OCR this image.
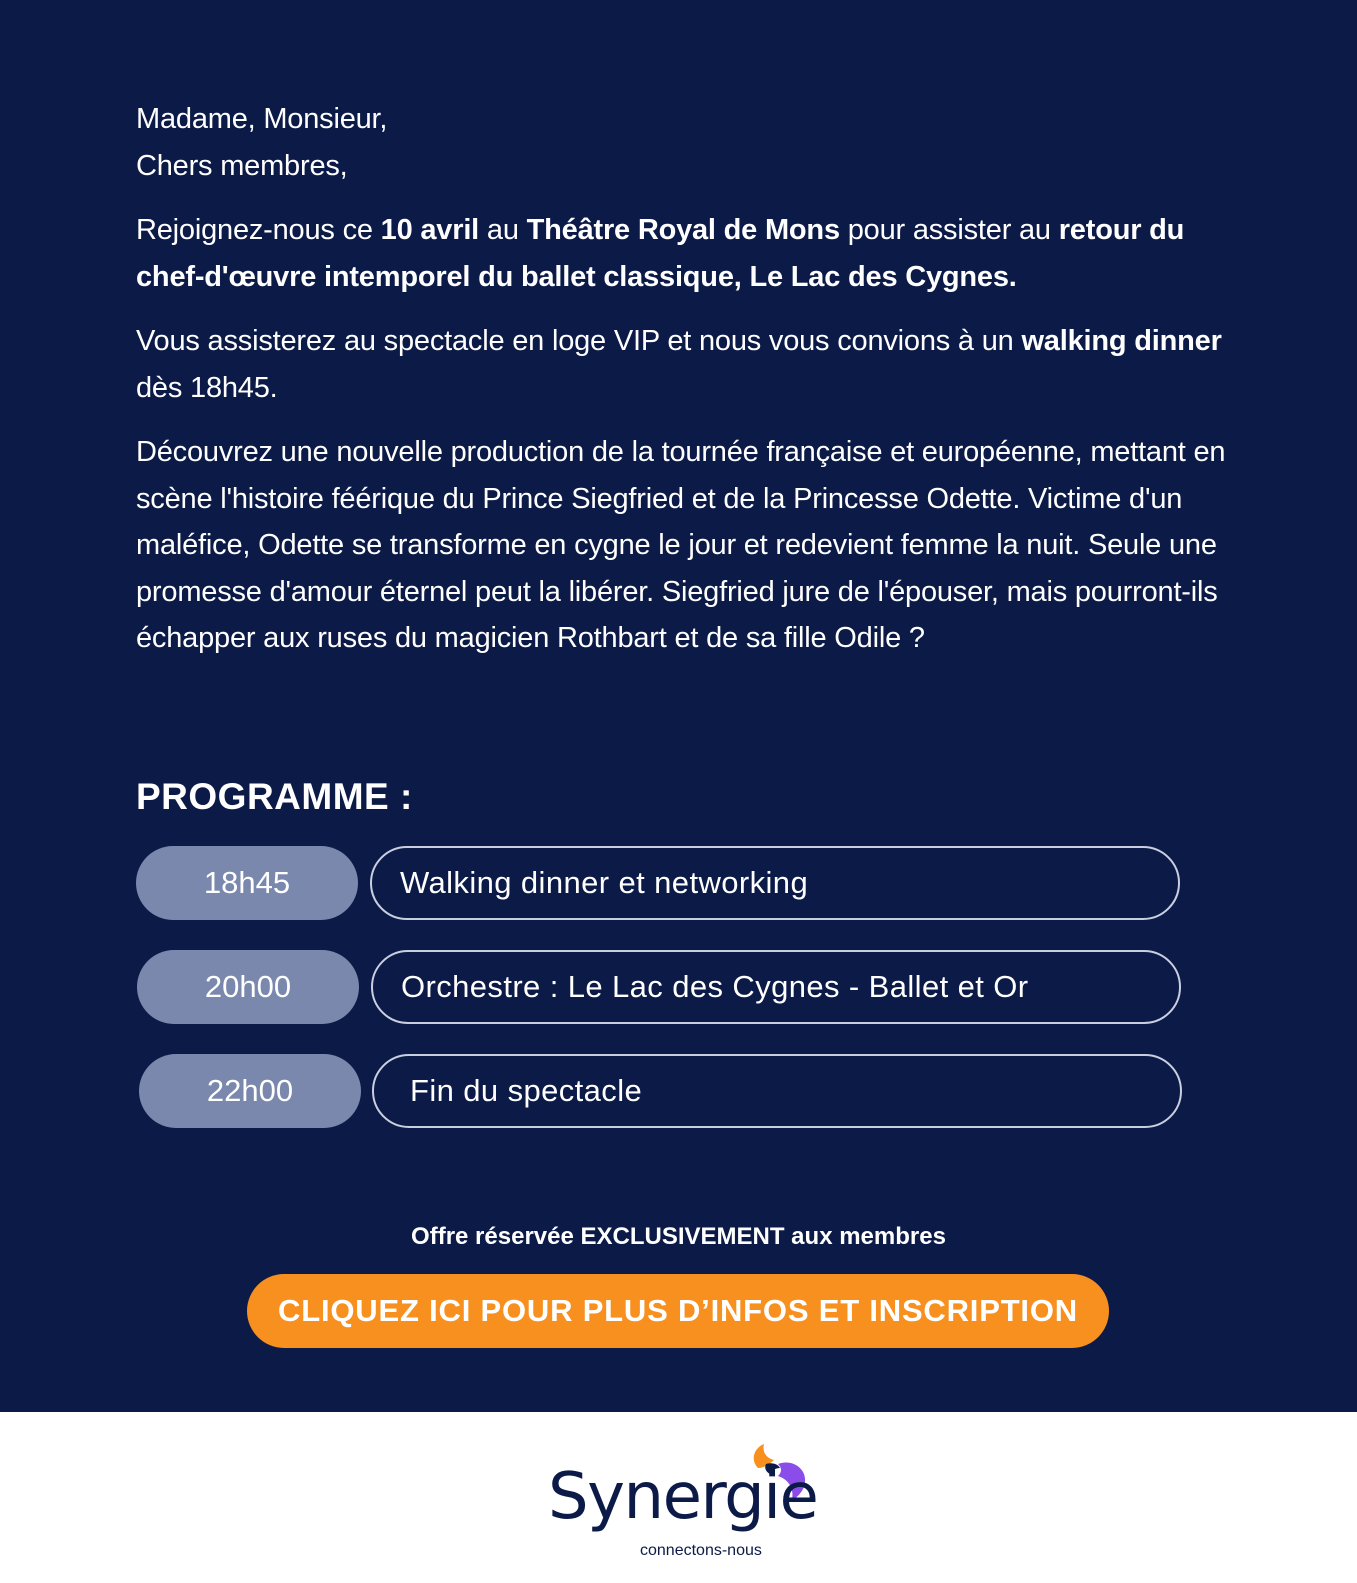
Madame, Monsieur,
Chers membres,

Rejoignez-nous ce 10 avril au Théâtre Royal de Mons pour assister au retour du chef-d'œuvre intemporel du ballet classique, Le Lac des Cygnes.

Vous assisterez au spectacle en loge VIP et nous vous convions à un walking dinner dès 18h45.

Découvrez une nouvelle production de la tournée française et européenne, mettant en scène l'histoire féérique du Prince Siegfried et de la Princesse Odette. Victime d'un maléfice, Odette se transforme en cygne le jour et redevient femme la nuit. Seule une promesse d'amour éternel peut la libérer. Siegfried jure de l'épouser, mais pourront-ils échapper aux ruses du magicien Rothbart et de sa fille Odile ?

PROGRAMME :
18h45	Walking dinner et networking
20h00	Orchestre : Le Lac des Cygnes - Ballet et Or
22h00	Fin du spectacle
Offre réservée EXCLUSIVEMENT aux membres
CLIQUEZ ICI POUR PLUS D’INFOS ET INSCRIPTION
Synergie
connectons-nous
